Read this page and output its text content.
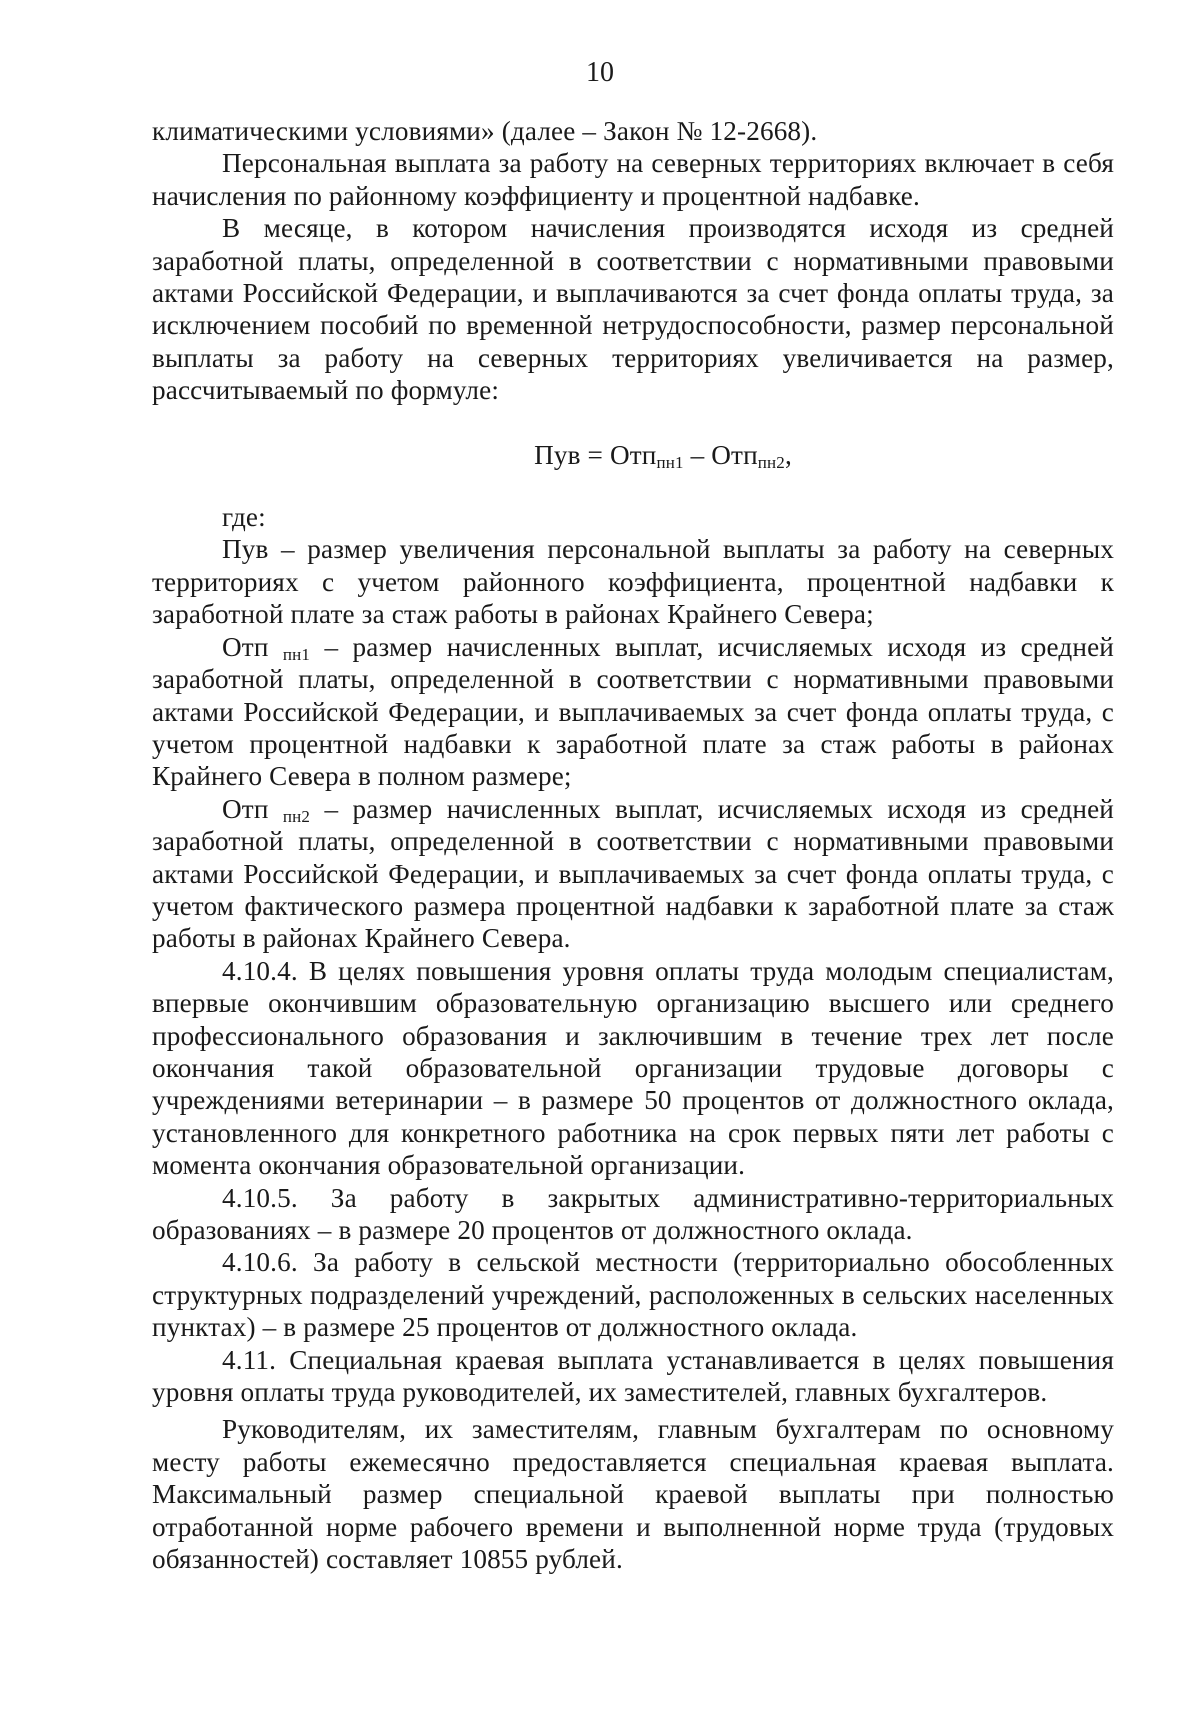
10

климатическими условиями» (далее – Закон № 12-2668).

Персональная выплата за работу на северных территориях включает в себя начисления по районному коэффициенту и процентной надбавке.

В месяце, в котором начисления производятся исходя из средней заработной платы, определенной в соответствии с нормативными правовыми актами Российской Федерации, и выплачиваются за счет фонда оплаты труда, за исключением пособий по временной нетрудоспособности, размер персональной выплаты за работу на северных территориях увеличивается на размер, рассчитываемый по формуле:

Пув = Отп$_{пн1}$ – Отп$_{пн2}$,

где:

Пув – размер увеличения персональной выплаты за работу на северных территориях с учетом районного коэффициента, процентной надбавки к заработной плате за стаж работы в районах Крайнего Севера;

Отп $_{пн1}$ – размер начисленных выплат, исчисляемых исходя из средней заработной платы, определенной в соответствии с нормативными правовыми актами Российской Федерации, и выплачиваемых за счет фонда оплаты труда, с учетом процентной надбавки к заработной плате за стаж работы в районах Крайнего Севера в полном размере;

Отп $_{пн2}$ – размер начисленных выплат, исчисляемых исходя из средней заработной платы, определенной в соответствии с нормативными правовыми актами Российской Федерации, и выплачиваемых за счет фонда оплаты труда, с учетом фактического размера процентной надбавки к заработной плате за стаж работы в районах Крайнего Севера.

4.10.4. В целях повышения уровня оплаты труда молодым специалистам, впервые окончившим образовательную организацию высшего или среднего профессионального образования и заключившим в течение трех лет после окончания такой образовательной организации трудовые договоры с учреждениями ветеринарии – в размере 50 процентов от должностного оклада, установленного для конкретного работника на срок первых пяти лет работы с момента окончания образовательной организации.

4.10.5. За работу в закрытых административно-территориальных образованиях – в размере 20 процентов от должностного оклада.

4.10.6. За работу в сельской местности (территориально обособленных структурных подразделений учреждений, расположенных в сельских населенных пунктах) – в размере 25 процентов от должностного оклада.

4.11. Специальная краевая выплата устанавливается в целях повышения уровня оплаты труда руководителей, их заместителей, главных бухгалтеров.

Руководителям, их заместителям, главным бухгалтерам по основному месту работы ежемесячно предоставляется специальная краевая выплата. Максимальный размер специальной краевой выплаты при полностью отработанной норме рабочего времени и выполненной норме труда (трудовых обязанностей) составляет 10855 рублей.
